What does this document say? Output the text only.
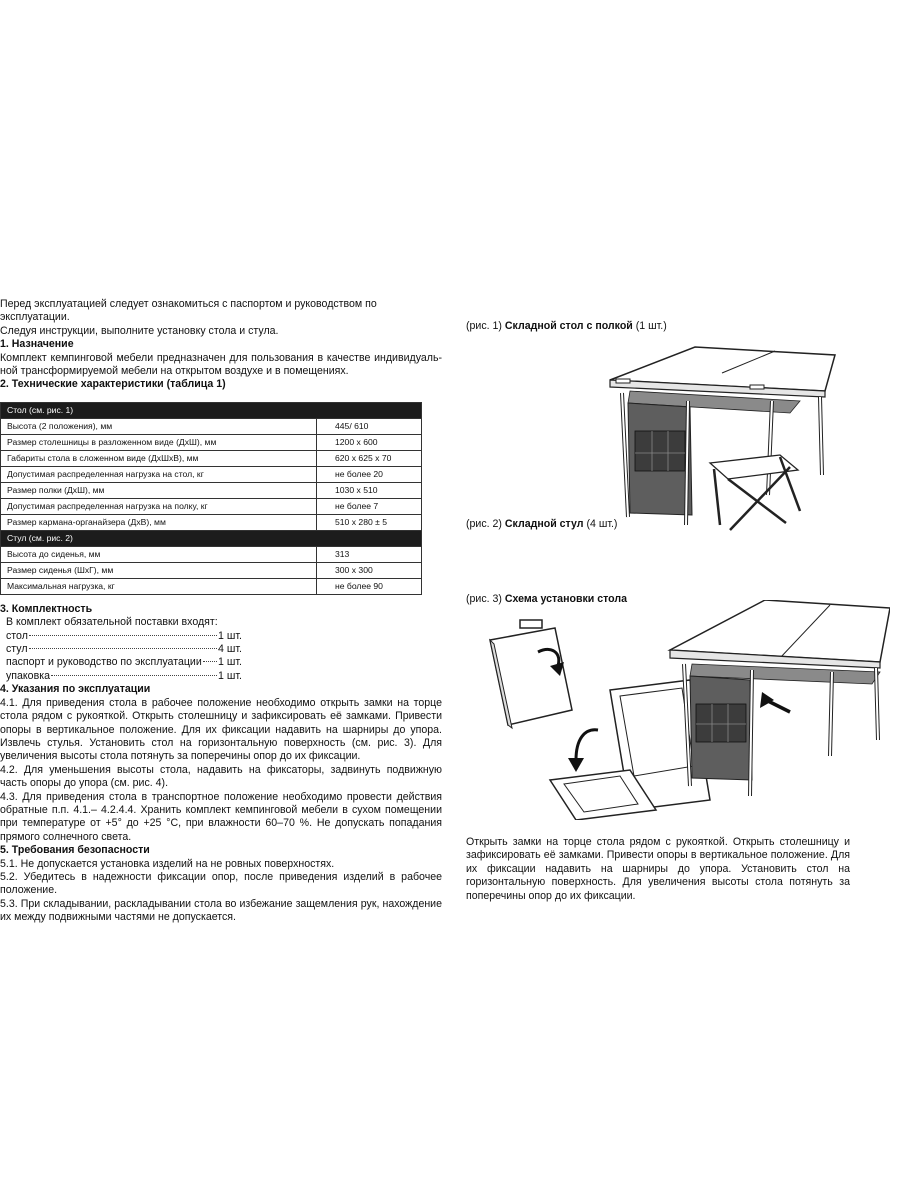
Перед эксплуатацией следует ознакомиться с паспортом и руководством по эксплуатации.

Следуя инструкции, выполните установку стола и стула.

1. Назначение

Комплект кемпинговой мебели предназначен для пользования в качестве индивидуальной трансформируемой мебели на открытом воздухе и в помещениях.

2. Технические характеристики (таблица 1)

Стол (см. рис. 1)	
Высота (2 положения), мм	445/ 610
Размер столешницы в разложенном виде (ДхШ), мм	1200 х 600
Габариты стола в сложенном виде (ДхШхВ), мм	620 х 625 х 70
Допустимая распределенная нагрузка на стол, кг	не более 20
Размер полки (ДхШ), мм	1030 х 510
Допустимая распределенная нагрузка на полку, кг	не более 7
Размер кармана-органайзера (ДхВ), мм	510 х 280 ± 5
Стул (см. рис. 2)	
Высота до сиденья, мм	313
Размер сиденья (ШхГ), мм	300 х 300
Максимальная нагрузка, кг	не более 90

3. Комплектность

В комплект обязательной поставки входят:

стол	1 шт.
стул	4 шт.
паспорт и руководство по эксплуатации 1 шт.
упаковка	1 шт.

4. Указания по эксплуатации

4.1. Для приведения стола в рабочее положение необходимо открыть замки на торце стола рядом с рукояткой. Открыть столешницу и зафиксировать её замками. Привести опоры в вертикальное положение. Для их фиксации надавить на шарниры до упора. Извлечь стулья. Установить стол на горизонтальную поверхность (см. рис. 3). Для увеличения высоты стола потянуть за поперечины опор до их фиксации.

4.2. Для уменьшения высоты стола, надавить на фиксаторы, задвинуть подвижную часть опоры до упора (см. рис. 4).

4.3. Для приведения стола в транспортное положение необходимо провести действия обратные п.п. 4.1.– 4.2.4.4. Хранить комплект кемпинговой мебели в сухом помещении при температуре от +5° до +25 °С, при влажности 60–70 %. Не допускать попадания прямого солнечного света.

5. Требования безопасности

5.1. Не допускается установка изделий на не ровных поверхностях.

5.2. Убедитесь в надежности фиксации опор, после приведения изделий в рабочее положение.

5.3. При складывании, раскладывании стола во избежание защемления рук, нахождение их между подвижными частями не допускается.

(рис. 1) Складной стол с полкой (1 шт.)
(рис. 2) Складной стул (4 шт.)
(рис. 3) Схема установки стола
Открыть замки на торце стола рядом с рукояткой. Открыть столешницу и зафиксировать её замками. Привести опоры в вертикальное положение. Для их фиксации надавить на шарниры до упора. Установить стол на горизонтальную поверхность. Для увеличения высоты стола потянуть за поперечины опор до их фиксации.
